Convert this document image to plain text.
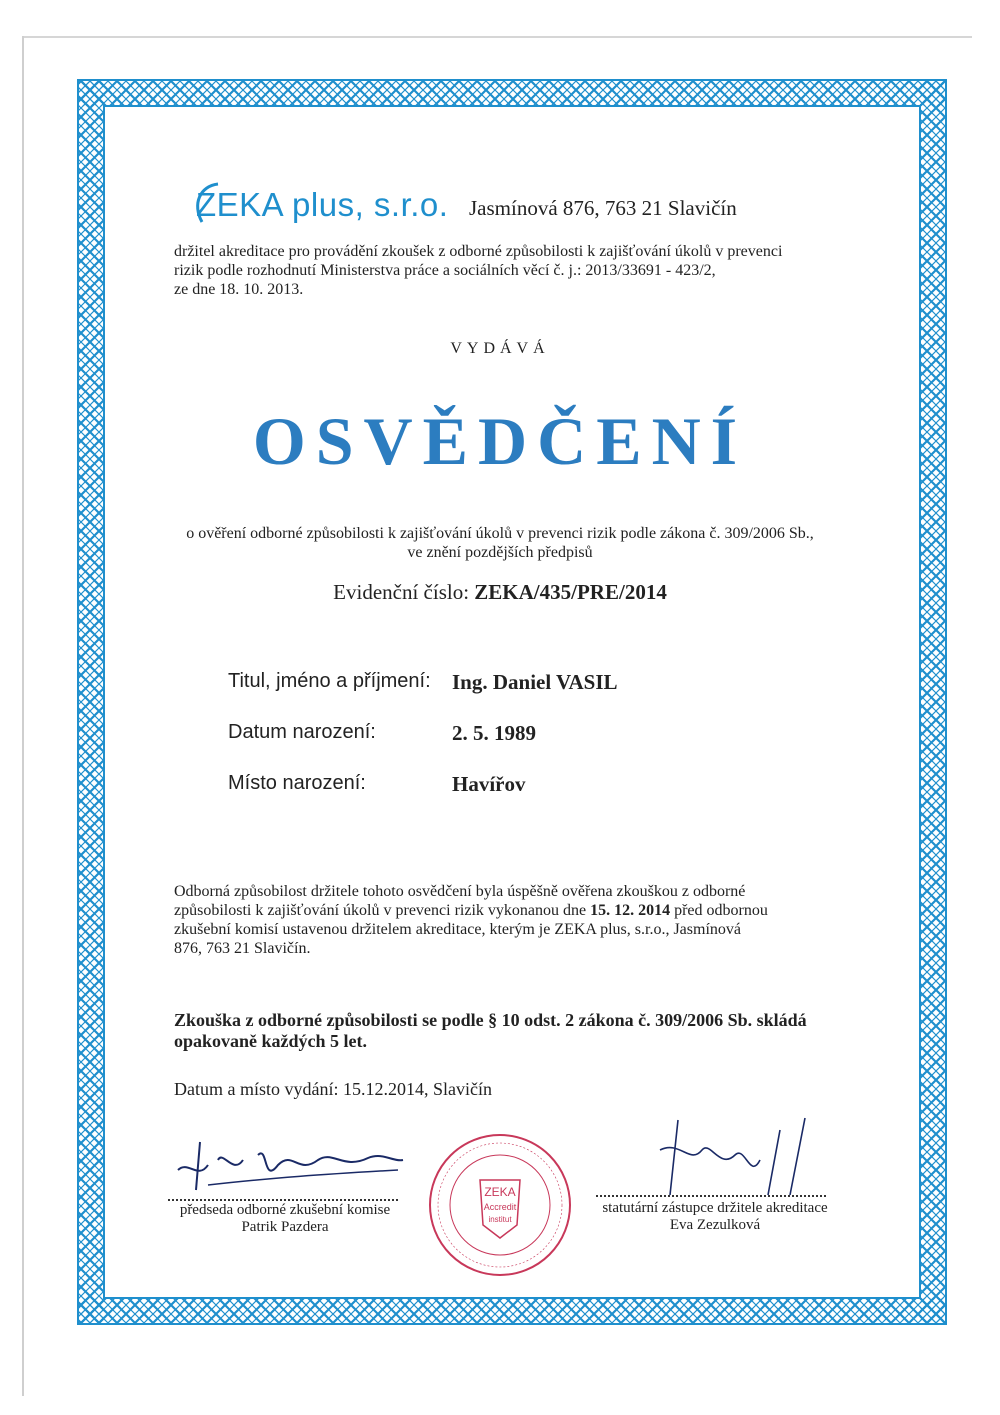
ZEKA plus, s.r.o. Jasmínová 876, 763 21 Slavičín
držitel akreditace pro provádění zkoušek z odborné způsobilosti k zajišťování úkolů v prevenci
rizik podle rozhodnutí Ministerstva práce a sociálních věcí č. j.: 2013/33691 - 423/2,
ze dne 18. 10. 2013.
VYDÁVÁ
OSVĚDČENÍ
o ověření odborné způsobilosti k zajišťování úkolů v prevenci rizik podle zákona č. 309/2006 Sb.,
ve znění pozdějších předpisů
Evidenční číslo: ZEKA/435/PRE/2014
Titul, jméno a příjmení: Ing. Daniel VASIL
Datum narození:	2. 5. 1989
Místo narození:	Havířov
Odborná způsobilost držitele tohoto osvědčení byla úspěšně ověřena zkouškou z odborné
způsobilosti k zajišťování úkolů v prevenci rizik vykonanou dne 15. 12. 2014 před odbornou
zkušební komisí ustavenou držitelem akreditace, kterým je ZEKA plus, s.r.o., Jasmínová
876, 763 21 Slavičín.
Zkouška z odborné způsobilosti se podle § 10 odst. 2 zákona č. 309/2006 Sb. skládá
opakovaně každých 5 let.
Datum a místo vydání: 15.12.2014, Slavičín
předseda odborné zkušební komise
Patrik Pazdera
ZEKA
Accredit
institut
statutární zástupce držitele akreditace
Eva Zezulková
